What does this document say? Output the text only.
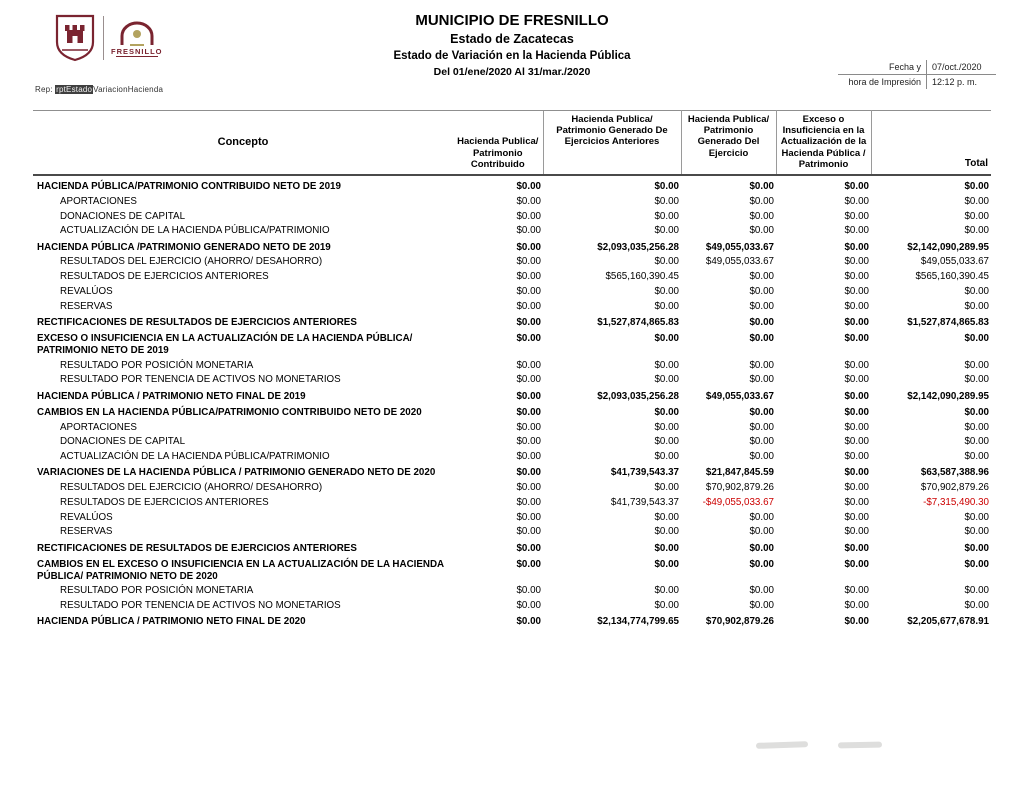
FRESNILLO
MUNICIPIO DE FRESNILLO
Estado de Zacatecas
Estado de Variación en la Hacienda Pública
Del 01/ene/2020 Al 31/mar./2020	Fecha y	07/oct./2020
hora de Impresión	12:12 p. m.
Rep: rptEstadoVariacionHacienda
Concepto	Hacienda Publica/ Patrimonio Contribuido	Hacienda Publica/ Patrimonio Generado De Ejercicios Anteriores	Hacienda Publica/ Patrimonio Generado Del Ejercicio	Exceso o Insuficiencia en la Actualización de la Hacienda Pública / Patrimonio	Total
HACIENDA PÚBLICA/PATRIMONIO CONTRIBUIDO NETO DE 2019	$0.00	$0.00	$0.00	$0.00	$0.00
APORTACIONES	$0.00	$0.00	$0.00	$0.00	$0.00
DONACIONES DE CAPITAL	$0.00	$0.00	$0.00	$0.00	$0.00
ACTUALIZACIÓN DE LA HACIENDA PÚBLICA/PATRIMONIO	$0.00	$0.00	$0.00	$0.00	$0.00
HACIENDA PÚBLICA /PATRIMONIO GENERADO NETO DE 2019	$0.00	$2,093,035,256.28	$49,055,033.67	$0.00	$2,142,090,289.95
RESULTADOS DEL EJERCICIO (AHORRO/ DESAHORRO)	$0.00	$0.00	$49,055,033.67	$0.00	$49,055,033.67
RESULTADOS DE EJERCICIOS ANTERIORES	$0.00	$565,160,390.45	$0.00	$0.00	$565,160,390.45
REVALÚOS	$0.00	$0.00	$0.00	$0.00	$0.00
RESERVAS	$0.00	$0.00	$0.00	$0.00	$0.00
RECTIFICACIONES DE RESULTADOS DE EJERCICIOS ANTERIORES	$0.00	$1,527,874,865.83	$0.00	$0.00	$1,527,874,865.83
EXCESO O INSUFICIENCIA EN LA ACTUALIZACIÓN DE LA HACIENDA PÚBLICA/ PATRIMONIO NETO DE 2019	$0.00	$0.00	$0.00	$0.00	$0.00
RESULTADO POR POSICIÓN MONETARIA	$0.00	$0.00	$0.00	$0.00	$0.00
RESULTADO POR TENENCIA DE ACTIVOS NO MONETARIOS	$0.00	$0.00	$0.00	$0.00	$0.00
HACIENDA PÚBLICA / PATRIMONIO NETO FINAL DE 2019	$0.00	$2,093,035,256.28	$49,055,033.67	$0.00	$2,142,090,289.95
CAMBIOS EN LA HACIENDA PÚBLICA/PATRIMONIO CONTRIBUIDO NETO DE 2020	$0.00	$0.00	$0.00	$0.00	$0.00
APORTACIONES	$0.00	$0.00	$0.00	$0.00	$0.00
DONACIONES DE CAPITAL	$0.00	$0.00	$0.00	$0.00	$0.00
ACTUALIZACIÓN DE LA HACIENDA PÚBLICA/PATRIMONIO	$0.00	$0.00	$0.00	$0.00	$0.00
VARIACIONES DE LA HACIENDA PÚBLICA / PATRIMONIO GENERADO NETO DE 2020	$0.00	$41,739,543.37	$21,847,845.59	$0.00	$63,587,388.96
RESULTADOS DEL EJERCICIO (AHORRO/ DESAHORRO)	$0.00	$0.00	$70,902,879.26	$0.00	$70,902,879.26
RESULTADOS DE EJERCICIOS ANTERIORES	$0.00	$41,739,543.37	-$49,055,033.67	$0.00	-$7,315,490.30
REVALÚOS	$0.00	$0.00	$0.00	$0.00	$0.00
RESERVAS	$0.00	$0.00	$0.00	$0.00	$0.00
RECTIFICACIONES DE RESULTADOS DE EJERCICIOS ANTERIORES	$0.00	$0.00	$0.00	$0.00	$0.00
CAMBIOS EN EL EXCESO O INSUFICIENCIA EN LA ACTUALIZACIÓN DE LA HACIENDA PÚBLICA/ PATRIMONIO NETO DE 2020	$0.00	$0.00	$0.00	$0.00	$0.00
RESULTADO POR POSICIÓN MONETARIA	$0.00	$0.00	$0.00	$0.00	$0.00
RESULTADO POR TENENCIA DE ACTIVOS NO MONETARIOS	$0.00	$0.00	$0.00	$0.00	$0.00
HACIENDA PÚBLICA / PATRIMONIO NETO FINAL DE 2020	$0.00	$2,134,774,799.65	$70,902,879.26	$0.00	$2,205,677,678.91
